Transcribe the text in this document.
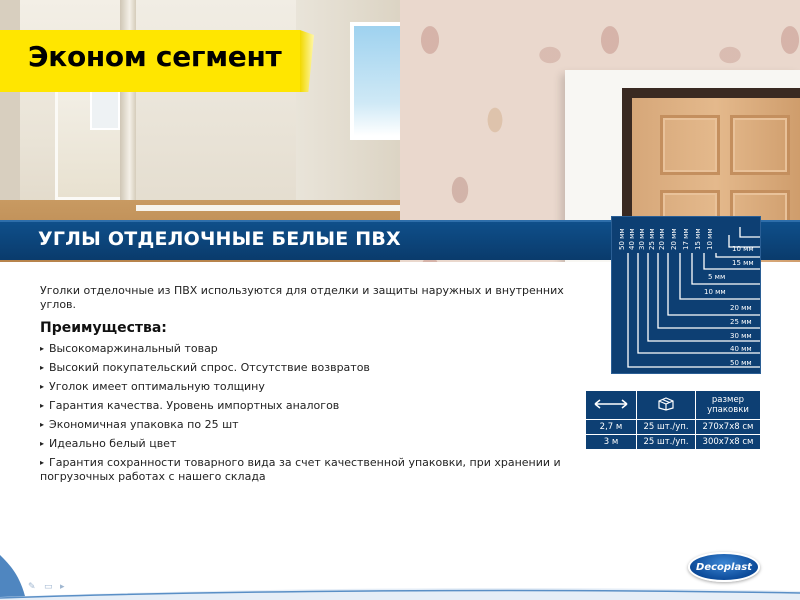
Эконом сегмент
УГЛЫ ОТДЕЛОЧНЫЕ БЕЛЫЕ ПВХ	50 мм 40 мм 30 мм 25 мм 20 мм 20 мм 17 мм 15 мм 10 мм	10 мм
15 мм
5 мм
10 мм
20 мм
25 мм
30 мм
40 мм
50 мм

размер
упаковки

2,7 м	25 шт./уп.	270x7x8 см
3 м	25 шт./уп.	300x7x8 см

Уголки отделочные из ПВХ используются для отделки и защиты наружных и внутренних углов.

Преимущества:
▸ Высокомаржинальный товар
▸ Высокий покупательский спрос. Отсутствие возвратов
▸ Уголок имеет оптимальную толщину
▸ Гарантия качества. Уровень импортных аналогов
▸ Экономичная упаковка по 25 шт
▸ Идеально белый цвет
▸ Гарантия сохранности товарного вида за счет качественной упаковки, при хранении и погрузочных работах с нашего склада
✎ ▭ ▸
Decoplast
